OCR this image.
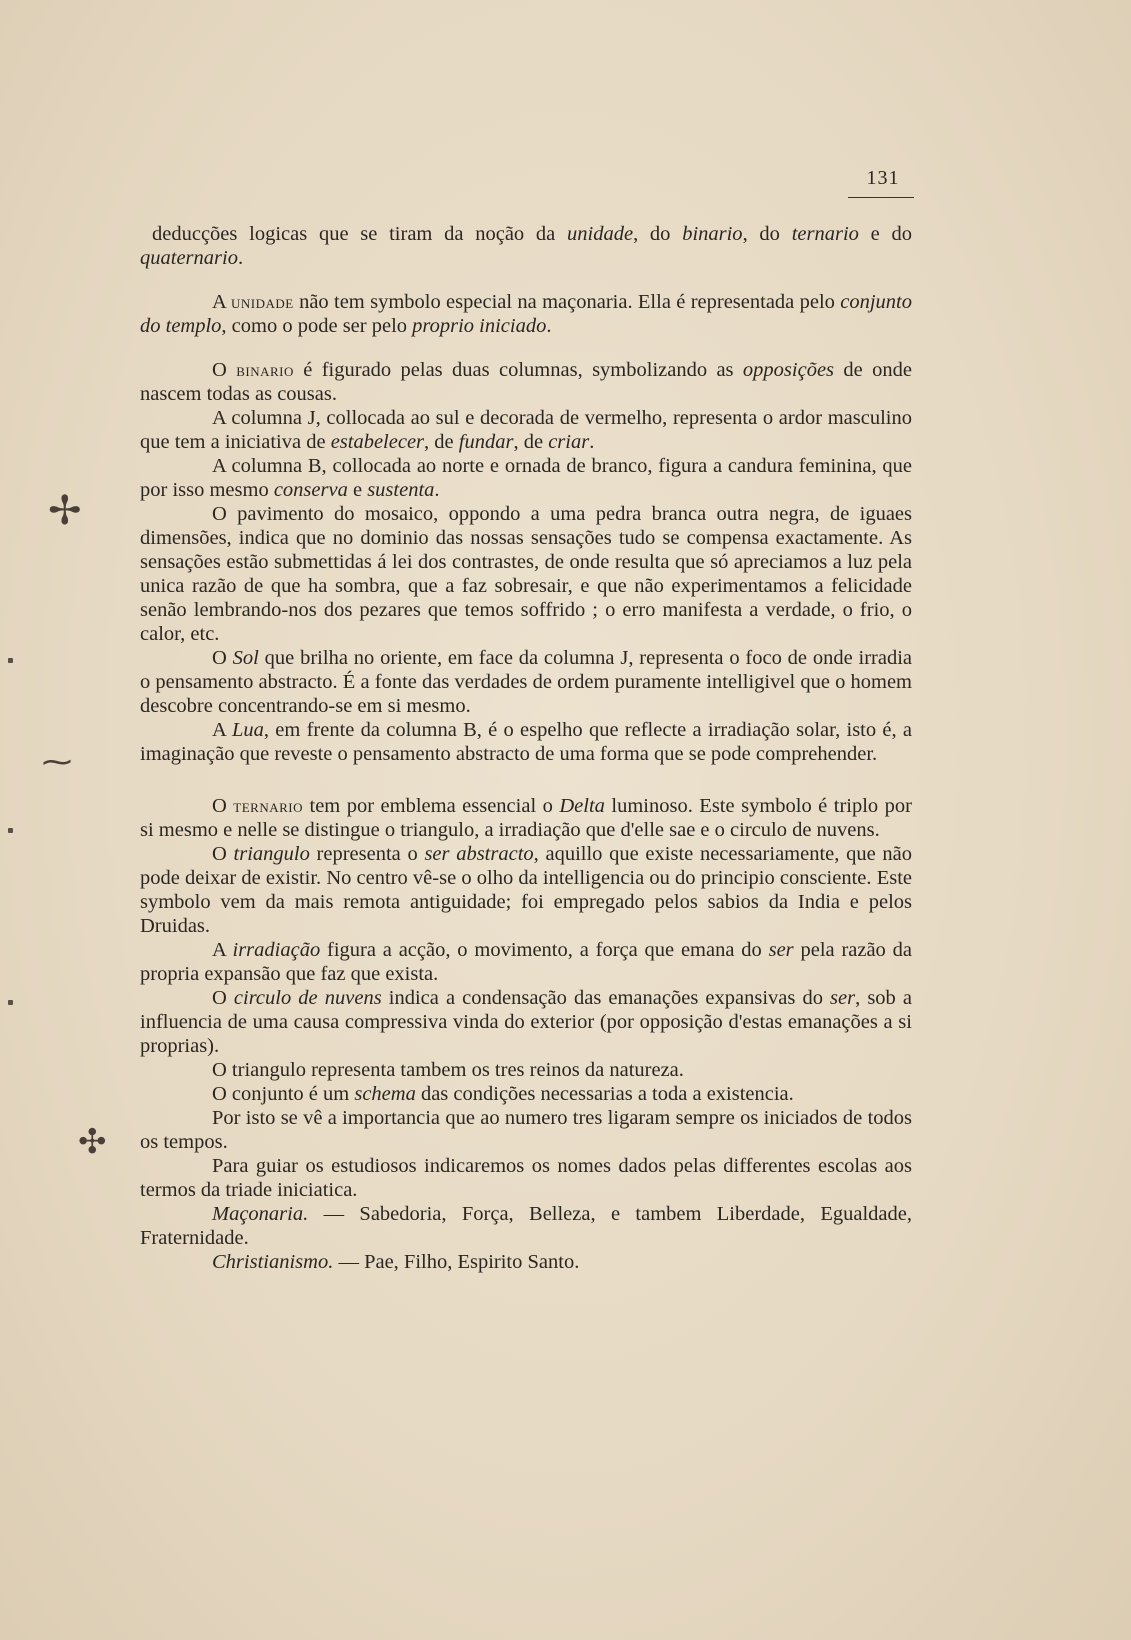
131
✢
⁓
✣

deducções logicas que se tiram da noção da unidade, do binario, do ternario e do quaternario.

A unidade não tem symbolo especial na maçonaria. Ella é representada pelo conjunto do templo, como o pode ser pelo proprio iniciado.

O binario é figurado pelas duas columnas, symbolizando as opposições de onde nascem todas as cousas.

A columna J, collocada ao sul e decorada de vermelho, representa o ardor masculino que tem a iniciativa de estabelecer, de fundar, de criar.

A columna B, collocada ao norte e ornada de branco, figura a candura feminina, que por isso mesmo conserva e sustenta.

O pavimento do mosaico, oppondo a uma pedra branca outra negra, de iguaes dimensões, indica que no dominio das nossas sensações tudo se compensa exactamente. As sensações estão submettidas á lei dos contrastes, de onde resulta que só apreciamos a luz pela unica razão de que ha sombra, que a faz sobresair, e que não experimentamos a felicidade senão lembrando-nos dos pezares que temos soffrido ; o erro manifesta a verdade, o frio, o calor, etc.

O Sol que brilha no oriente, em face da columna J, representa o foco de onde irradia o pensamento abstracto. É a fonte das verdades de ordem puramente intelligivel que o homem descobre concentrando-se em si mesmo.

A Lua, em frente da columna B, é o espelho que reflecte a irradiação solar, isto é, a imaginação que reveste o pensamento abstracto de uma forma que se pode comprehender.

O ternario tem por emblema essencial o Delta luminoso. Este symbolo é triplo por si mesmo e nelle se distingue o triangulo, a irradiação que d'elle sae e o circulo de nuvens.

O triangulo representa o ser abstracto, aquillo que existe necessariamente, que não pode deixar de existir. No centro vê-se o olho da intelligencia ou do principio consciente. Este symbolo vem da mais remota antiguidade; foi empregado pelos sabios da India e pelos Druidas.

A irradiação figura a acção, o movimento, a força que emana do ser pela razão da propria expansão que faz que exista.

O circulo de nuvens indica a condensação das emanações expansivas do ser, sob a influencia de uma causa compressiva vinda do exterior (por opposição d'estas emanações a si proprias).

O triangulo representa tambem os tres reinos da natureza.

O conjunto é um schema das condições necessarias a toda a existencia.

Por isto se vê a importancia que ao numero tres ligaram sempre os iniciados de todos os tempos.

Para guiar os estudiosos indicaremos os nomes dados pelas differentes escolas aos termos da triade iniciatica.

Maçonaria. — Sabedoria, Força, Belleza, e tambem Liberdade, Egualdade, Fraternidade.

Christianismo. — Pae, Filho, Espirito Santo.
